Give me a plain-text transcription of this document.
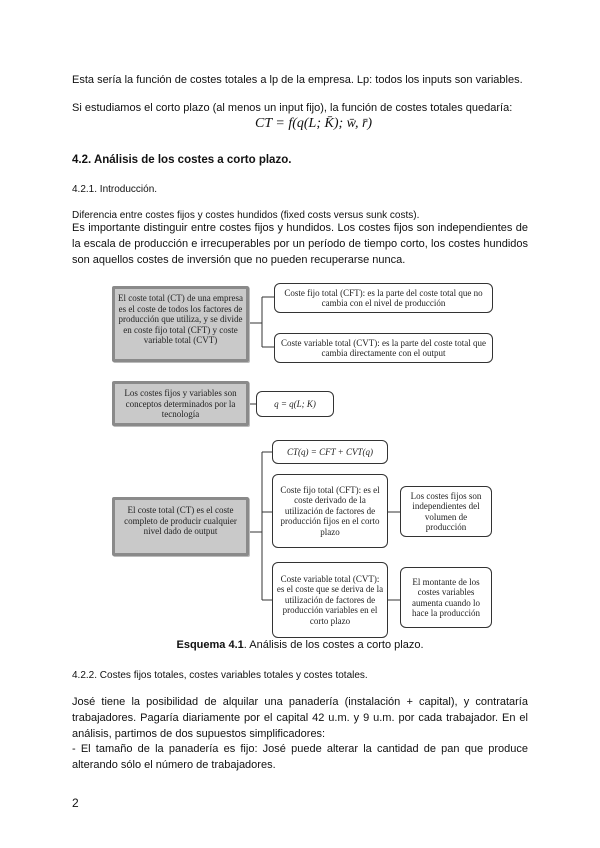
Esta sería la función de costes totales a lp de la empresa. Lp: todos los inputs son variables.
Si estudiamos el corto plazo (al menos un input fijo), la función de costes totales quedaría:
CT = f(q(L; K̄); w̄, r̄)
4.2. Análisis de los costes a corto plazo.
4.2.1. Introducción.
Diferencia entre costes fijos y costes hundidos (fixed costs versus sunk costs).
Es importante distinguir entre costes fijos y hundidos. Los costes fijos son independientes de la escala de producción e irrecuperables por un período de tiempo corto, los costes hundidos son aquellos costes de inversión que no pueden recuperarse nunca.
El coste total (CT) de una empresa es el coste de todos los factores de producción que utiliza, y se divide en coste fijo total (CFT) y coste variable total (CVT)
Coste fijo total (CFT): es la parte del coste total que no cambia con el nivel de producción
Coste variable total (CVT): es la parte del coste total que cambia directamente con el output
Los costes fijos y variables son conceptos determinados por la tecnología
q = q(L; K)
CT(q) = CFT + CVT(q)
El coste total (CT) es el coste completo de producir cualquier nivel dado de output
Coste fijo total (CFT): es el coste derivado de la utilización de factores de producción fijos en el corto plazo
Los costes fijos son independientes del volumen de producción
Coste variable total (CVT): es el coste que se deriva de la utilización de factores de producción variables en el corto plazo
El montante de los costes variables aumenta cuando lo hace la producción
Esquema 4.1. Análisis de los costes a corto plazo.
4.2.2. Costes fijos totales, costes variables totales y costes totales.
José tiene la posibilidad de alquilar una panadería (instalación + capital), y contrataría trabajadores. Pagaría diariamente por el capital 42 u.m. y 9 u.m. por cada trabajador. En el análisis, partimos de dos supuestos simplificadores:
- El tamaño de la panadería es fijo: José puede alterar la cantidad de pan que produce alterando sólo el número de trabajadores.
2
